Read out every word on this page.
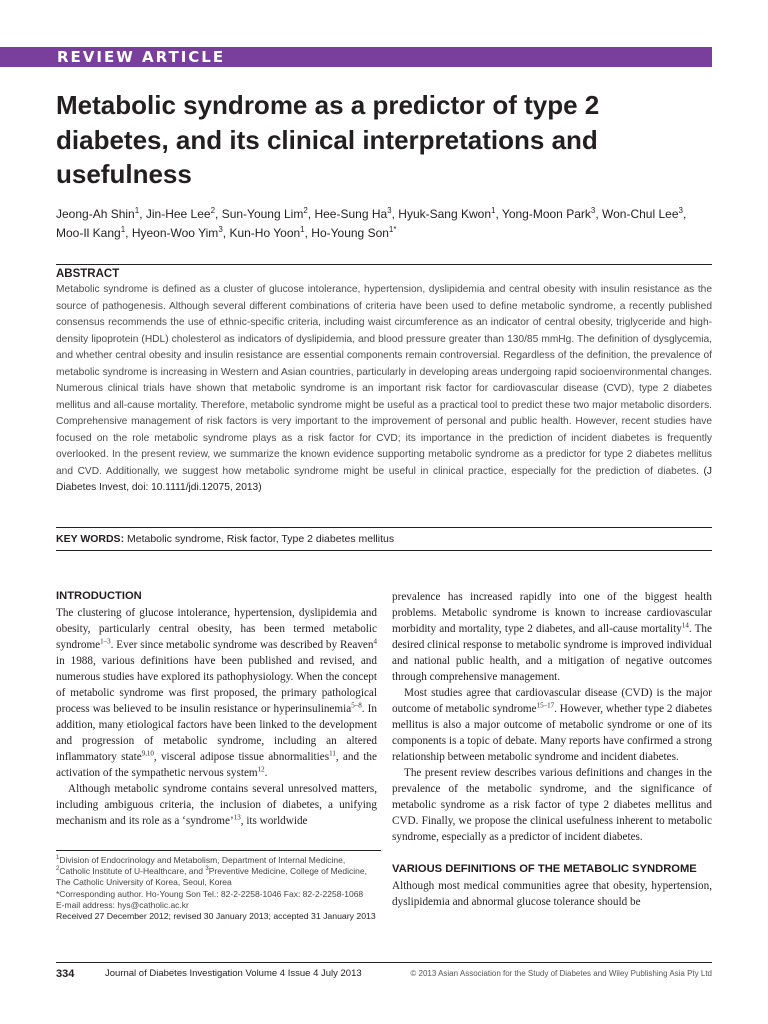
REVIEW ARTICLE
Metabolic syndrome as a predictor of type 2 diabetes, and its clinical interpretations and usefulness
Jeong-Ah Shin$^1$, Jin-Hee Lee$^2$, Sun-Young Lim$^2$, Hee-Sung Ha$^3$, Hyuk-Sang Kwon$^1$, Yong-Moon Park$^3$, Won-Chul Lee$^3$, Moo-Il Kang$^1$, Hyeon-Woo Yim$^3$, Kun-Ho Yoon$^1$, Ho-Young Son$^{1*}$
ABSTRACT
Metabolic syndrome is defined as a cluster of glucose intolerance, hypertension, dyslipidemia and central obesity with insulin resistance as the source of pathogenesis. Although several different combinations of criteria have been used to define metabolic syndrome, a recently published consensus recommends the use of ethnic-specific criteria, including waist circumference as an indicator of central obesity, triglyceride and high-density lipoprotein (HDL) cholesterol as indicators of dyslipidemia, and blood pressure greater than 130/85 mmHg. The definition of dysglycemia, and whether central obesity and insulin resistance are essential components remain controversial. Regardless of the definition, the prevalence of metabolic syndrome is increasing in Western and Asian countries, particularly in developing areas undergoing rapid socioenvironmental changes. Numerous clinical trials have shown that metabolic syndrome is an important risk factor for cardiovascular disease (CVD), type 2 diabetes mellitus and all-cause mortality. Therefore, metabolic syndrome might be useful as a practical tool to predict these two major metabolic disorders. Comprehensive management of risk factors is very important to the improvement of personal and public health. However, recent studies have focused on the role metabolic syndrome plays as a risk factor for CVD; its importance in the prediction of incident diabetes is frequently overlooked. In the present review, we summarize the known evidence supporting metabolic syndrome as a predictor for type 2 diabetes mellitus and CVD. Additionally, we suggest how metabolic syndrome might be useful in clinical practice, especially for the prediction of diabetes. (J Diabetes Invest, doi: 10.1111/jdi.12075, 2013)
KEY WORDS: Metabolic syndrome, Risk factor, Type 2 diabetes mellitus
INTRODUCTION

The clustering of glucose intolerance, hypertension, dyslipidemia and obesity, particularly central obesity, has been termed metabolic syndrome$^{1-3}$. Ever since metabolic syndrome was described by Reaven$^4$ in 1988, various definitions have been published and revised, and numerous studies have explored its pathophysiology. When the concept of metabolic syndrome was first proposed, the primary pathological process was believed to be insulin resistance or hyperinsulinemia$^{5-8}$. In addition, many etiological factors have been linked to the development and progression of metabolic syndrome, including an altered inflammatory state$^{9,10}$, visceral adipose tissue abnormalities$^{11}$, and the activation of the sympathetic nervous system$^{12}$.

Although metabolic syndrome contains several unresolved matters, including ambiguous criteria, the inclusion of diabetes, a unifying mechanism and its role as a ‘syndrome’$^{13}$, its worldwide

prevalence has increased rapidly into one of the biggest health problems. Metabolic syndrome is known to increase cardiovascular morbidity and mortality, type 2 diabetes, and all-cause mortality$^{14}$. The desired clinical response to metabolic syndrome is improved individual and national public health, and a mitigation of negative outcomes through comprehensive management.

Most studies agree that cardiovascular disease (CVD) is the major outcome of metabolic syndrome$^{15-17}$. However, whether type 2 diabetes mellitus is also a major outcome of metabolic syndrome or one of its components is a topic of debate. Many reports have confirmed a strong relationship between metabolic syndrome and incident diabetes.

The present review describes various definitions and changes in the prevalence of the metabolic syndrome, and the significance of metabolic syndrome as a risk factor of type 2 diabetes mellitus and CVD. Finally, we propose the clinical usefulness inherent to metabolic syndrome, especially as a predictor of incident diabetes.

VARIOUS DEFINITIONS OF THE METABOLIC SYNDROME

Although most medical communities agree that obesity, hypertension, dyslipidemia and abnormal glucose tolerance should be

$^1$Division of Endocrinology and Metabolism, Department of Internal Medicine,
$^2$Catholic Institute of U-Healthcare, and $^3$Preventive Medicine, College of Medicine,
The Catholic University of Korea, Seoul, Korea
*Corresponding author. Ho-Young Son Tel.: 82-2-2258-1046 Fax: 82-2-2258-1068
E-mail address: hys@catholic.ac.kr
Received 27 December 2012; revised 30 January 2013; accepted 31 January 2013
334	Journal of Diabetes Investigation Volume 4 Issue 4 July 2013	© 2013 Asian Association for the Study of Diabetes and Wiley Publishing Asia Pty Ltd
